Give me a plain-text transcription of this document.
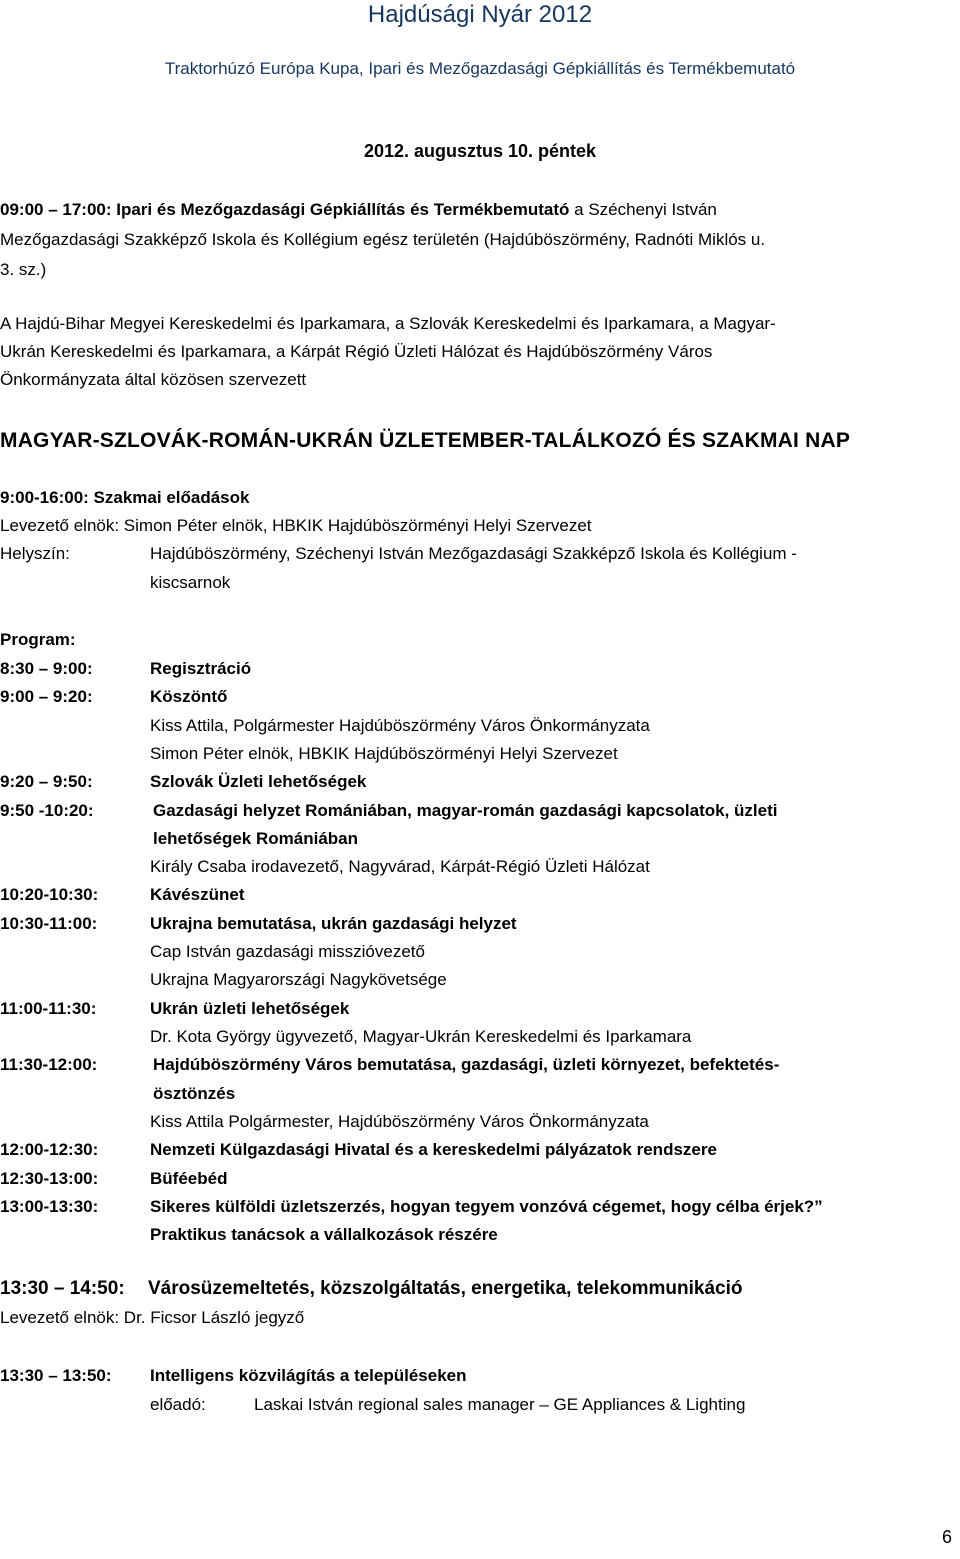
Hajdúsági Nyár 2012
Traktorhúzó Európa Kupa, Ipari és Mezőgazdasági Gépkiállítás és Termékbemutató
2012. augusztus 10. péntek
09:00 – 17:00: Ipari és Mezőgazdasági Gépkiállítás és Termékbemutató a Széchenyi István
Mezőgazdasági Szakképző Iskola és Kollégium egész területén (Hajdúböszörmény, Radnóti Miklós u.
3. sz.)
A Hajdú-Bihar Megyei Kereskedelmi és Iparkamara, a Szlovák Kereskedelmi és Iparkamara, a Magyar-
Ukrán Kereskedelmi és Iparkamara, a Kárpát Régió Üzleti Hálózat és Hajdúböszörmény Város
Önkormányzata által közösen szervezett
MAGYAR-SZLOVÁK-ROMÁN-UKRÁN ÜZLETEMBER-TALÁLKOZÓ ÉS SZAKMAI NAP
9:00-16:00: Szakmai előadások
Levezető elnök: Simon Péter elnök, HBKIK Hajdúböszörményi Helyi Szervezet
Helyszín:	Hajdúböszörmény, Széchenyi István Mezőgazdasági Szakképző Iskola és Kollégium -
kiscsarnok
Program:
8:30 – 9:00:	Regisztráció
9:00 – 9:20:	Köszöntő
Kiss Attila, Polgármester Hajdúböszörmény Város Önkormányzata
Simon Péter elnök, HBKIK Hajdúböszörményi Helyi Szervezet
9:20 – 9:50:	Szlovák Üzleti lehetőségek
9:50 -10:20:	Gazdasági helyzet Romániában, magyar-román gazdasági kapcsolatok, üzleti
lehetőségek Romániában
Király Csaba irodavezető, Nagyvárad, Kárpát-Régió Üzleti Hálózat
10:20-10:30:	Kávészünet
10:30-11:00:	Ukrajna bemutatása, ukrán gazdasági helyzet
Cap István gazdasági misszióvezető
Ukrajna Magyarországi Nagykövetsége
11:00-11:30:	Ukrán üzleti lehetőségek
Dr. Kota György ügyvezető, Magyar-Ukrán Kereskedelmi és Iparkamara
11:30-12:00:	Hajdúböszörmény Város bemutatása, gazdasági, üzleti környezet, befektetés-
ösztönzés
Kiss Attila Polgármester, Hajdúböszörmény Város Önkormányzata
12:00-12:30:	Nemzeti Külgazdasági Hivatal és a kereskedelmi pályázatok rendszere
12:30-13:00:	Büféebéd
13:00-13:30:	Sikeres külföldi üzletszerzés, hogyan tegyem vonzóvá cégemet, hogy célba érjek?”
Praktikus tanácsok a vállalkozások részére
13:30 – 14:50: Városüzemeltetés, közszolgáltatás, energetika, telekommunikáció
Levezető elnök: Dr. Ficsor László jegyző
13:30 – 13:50: Intelligens közvilágítás a településeken
előadó:	Laskai István regional sales manager – GE Appliances & Lighting
6
